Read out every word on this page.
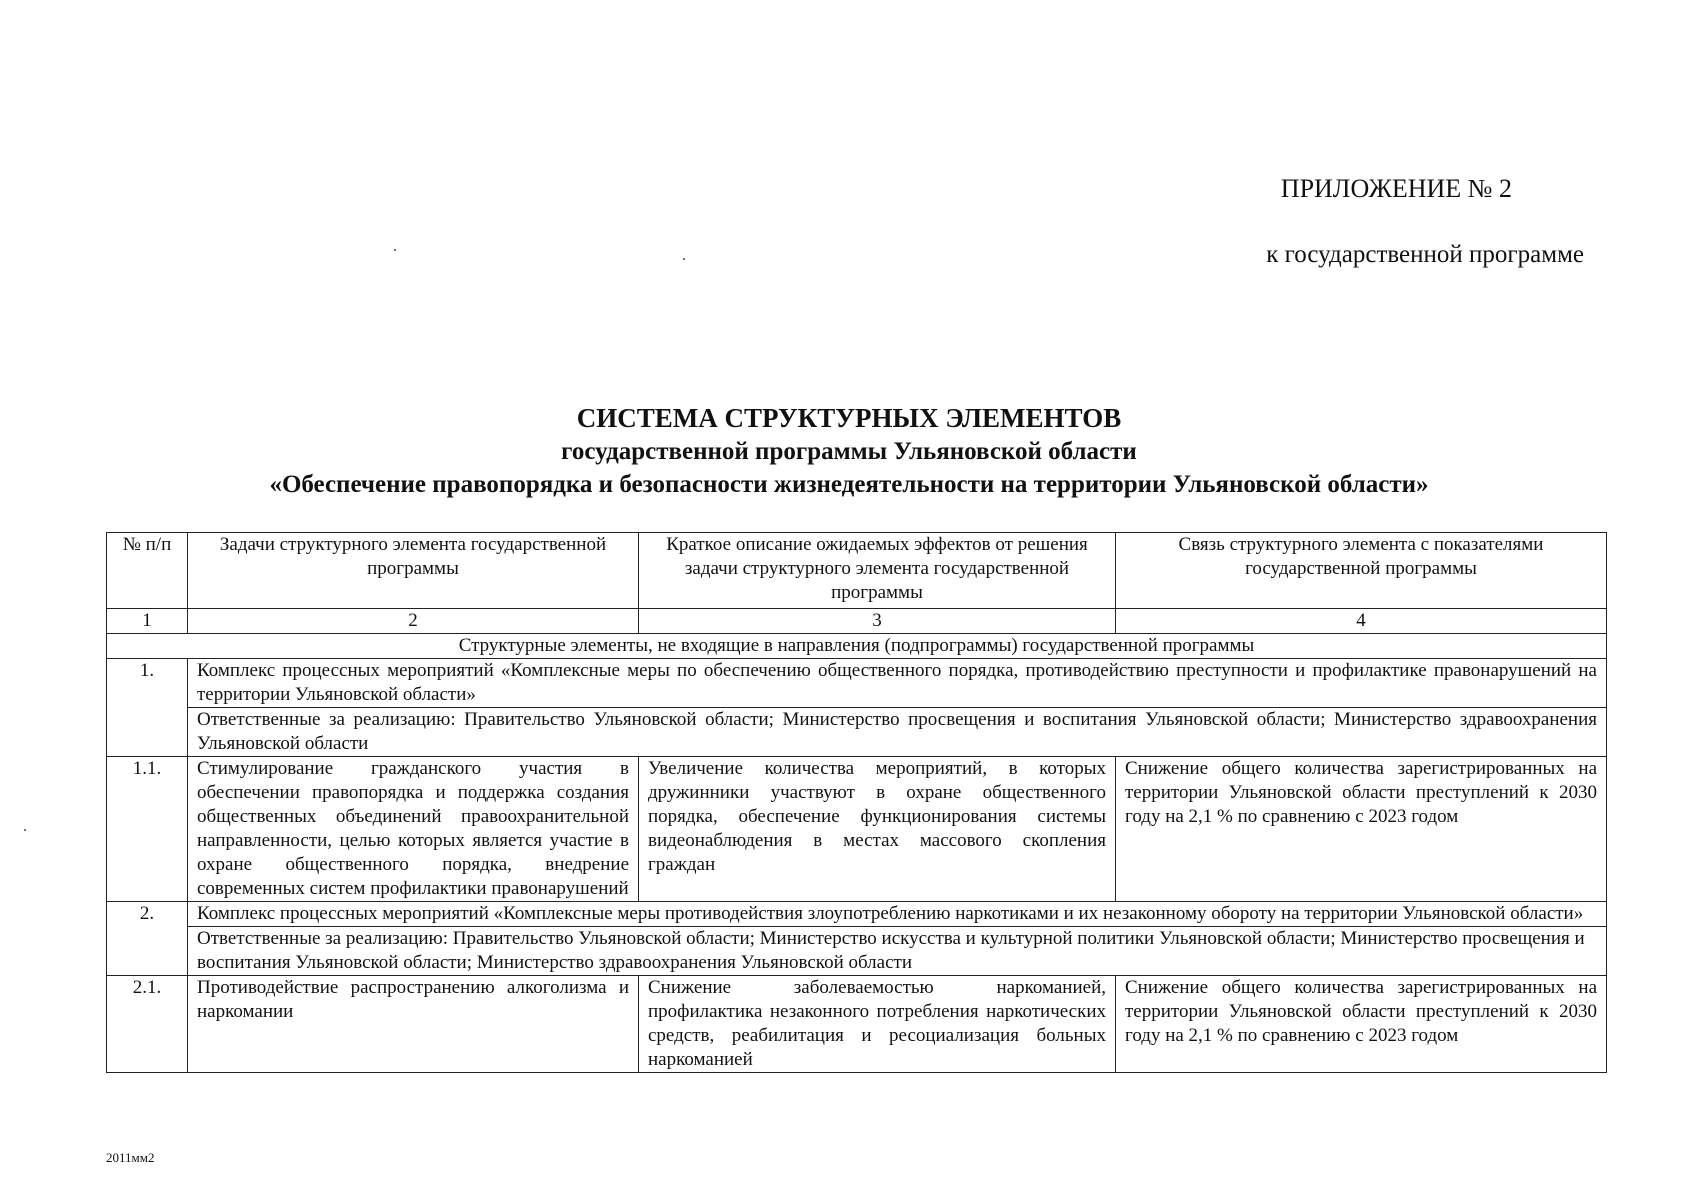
ПРИЛОЖЕНИЕ № 2
к государственной программе
СИСТЕМА СТРУКТУРНЫХ ЭЛЕМЕНТОВ
государственной программы Ульяновской области
«Обеспечение правопорядка и безопасности жизнедеятельности на территории Ульяновской области»
№ п/п	Задачи структурного элемента государственной программы	Краткое описание ожидаемых эффектов от решения задачи структурного элемента государственной программы	Связь структурного элемента с показателями государственной программы
1	2	3	4
Структурные элементы, не входящие в направления (подпрограммы) государственной программы			
1.	Комплекс процессных мероприятий «Комплексные меры по обеспечению общественного порядка, противодействию преступности и профилактике правонарушений на территории Ульяновской области»		
	Ответственные за реализацию: Правительство Ульяновской области; Министерство просвещения и воспитания Ульяновской области; Министерство здравоохранения Ульяновской области		
1.1.	Стимулирование гражданского участия в обеспечении правопорядка и поддержка создания общественных объединений правоохранительной направленности, целью которых является участие в охране общественного порядка, внедрение современных систем профилактики правонарушений	Увеличение количества мероприятий, в которых дружинники участвуют в охране общественного порядка, обеспечение функционирования системы видеонаблюдения в местах массового скопления граждан	Снижение общего количества зарегистрированных на территории Ульяновской области преступлений к 2030 году на 2,1 % по сравнению с 2023 годом
2.	Комплекс процессных мероприятий «Комплексные меры противодействия злоупотреблению наркотиками и их незаконному обороту на территории Ульяновской области»		
	Ответственные за реализацию: Правительство Ульяновской области; Министерство искусства и культурной политики Ульяновской области; Министерство просвещения и воспитания Ульяновской области; Министерство здравоохранения Ульяновской области		
2.1.	Противодействие распространению алкоголизма и наркомании	Снижение заболеваемостью наркоманией, профилактика незаконного потребления наркотических средств, реабилитация и ресоциализация больных наркоманией	Снижение общего количества зарегистрированных на территории Ульяновской области преступлений к 2030 году на 2,1 % по сравнению с 2023 годом
2011мм2
